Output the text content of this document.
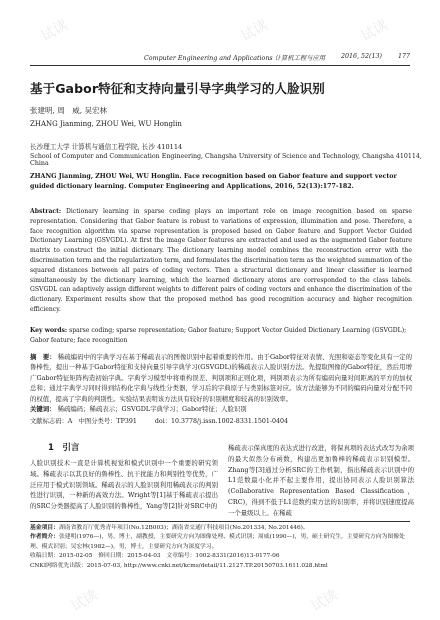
试读	试读	试读
试读	试读
Computer Engineering and Applications 计算机工程与应用	2016, 52(13)	177
基于Gabor特征和支持向量引导字典学习的人脸识别
张建明, 周　威, 吴宏林
ZHANG Jianming, ZHOU Wei, WU Honglin
长沙理工大学 计算机与通信工程学院, 长沙 410114
School of Computer and Communication Engineering, Changsha University of Science and Technology, Changsha 410114, China
ZHANG Jianming, ZHOU Wei, WU Honglin. Face recognition based on Gabor feature and support vector guided dictionary learning. Computer Engineering and Applications, 2016, 52(13):177-182.
Abstract: Dictionary learning in sparse coding plays an important role on image recognition based on sparse representation. Considering that Gabor feature is robust to variations of expression, illumination and pose. Therefore, a face recognition algorithm via sparse representation is proposed based on Gabor feature and Support Vector Guided Dictionary Learning (GSVGDL). At first the image Gabor features are extracted and used as the augmented Gabor feature matrix to construct the initial dictionary. The dictionary learning model combines the reconstruction error with the discrimination term and the regularization term, and formulates the discrimination term as the weighted summation of the squared distances between all pairs of coding vectors. Then a structural dictionary and linear classifier is learned simultaneously by the dictionary learning, which the learned dictionary atoms are corresponded to the class labels. GSVGDL can adaptively assign different weights to different pairs of coding vectors and enhance the discrimination of the dictionary. Experiment results show that the proposed method has good recognition accuracy and higher recognition efficiency.
Key words: sparse coding; sparse representation; Gabor feature; Support Vector Guided Dictionary Learning (GSVGDL); Gabor feature; face recognition
摘　要： 稀疏编码中的字典学习在基于稀疏表示的图像识别中起着重要的作用。由于Gabor特征对表情、光照和姿态等变化具有一定的鲁棒性，提出一种基于Gabor特征和支持向量引导字典学习(GSVGDL)的稀疏表示人脸识别方法。先提取图像的Gabor特征，然后用增广Gabor特征矩阵构造初始字典。字典学习模型中将重构误差、判别项和正则化项，判别项表示为所有编码向量对间距离的平方的加权总和；通过字典学习同时得到结构化字典与线性分类器，学习后的字典原子与类别标签对应。该方法能够为不同的编码向量对分配不同的权值，提高了字典的判别性。实验结果表明该方法具有较好的识别精度和较高的识别效率。
关键词： 稀疏编码；稀疏表示；GSVGDL字典学习；Gabor特征；人脸识别
文献标志码：A　中图分类号：TP391	doi：10.3778/j.issn.1002-8331.1501-0404
1　引言
人脸识别技术一直是计算机视觉和模式识别中一个重要的研究领域。稀疏表示以其良好的鲁棒性、抗干扰能力和判别性等优势，广泛应用于模式识别领域。稀疏表示的人脸识别利用稀疏表示的判别性进行识别，一种新的高效方法。Wright等[1]基于稀疏表示提出的SRC分类器提高了人脸识别的鲁棒性，Yang等[2]针对SRC中的
稀疏表示保真度的表达式进行改进，将保真项的表达式改写为余项的最大似然分布函数，构建出更加鲁棒的稀疏表示识别模型。Zhang等[3]通过分析SRC的工作机制，指出稀疏表示识别中的L1范数最小化并不起主要作用，提出协同表示人脸识别算法(Collaborative Representation Based Classification，CRC)，得到不低于L1范数约束方法的识别率，并将识别速度提高一个量级以上。在稀疏
基金项目：湖南省教育厅优秀青年项目(No.12B003)；湖南省交通厅科技项目(No.201334, No.201446)。
作者简介：张建明(1976—)，男，博士，副教授，主要研究方向为图像处理、模式识别；周威(1990—)，男，硕士研究生，主要研究方向为图像处理、模式识别；吴宏林(1982—)，男，博士，主要研究方向为深度学习。
收稿日期：2015-02-05　修回日期：2015-04-03　文章编号：1002-8331(2016)13-0177-06
CNKI网络优先出版：2015-07-03, http://www.cnki.net/kcms/detail/11.2127.TP.20150703.1611.028.html
